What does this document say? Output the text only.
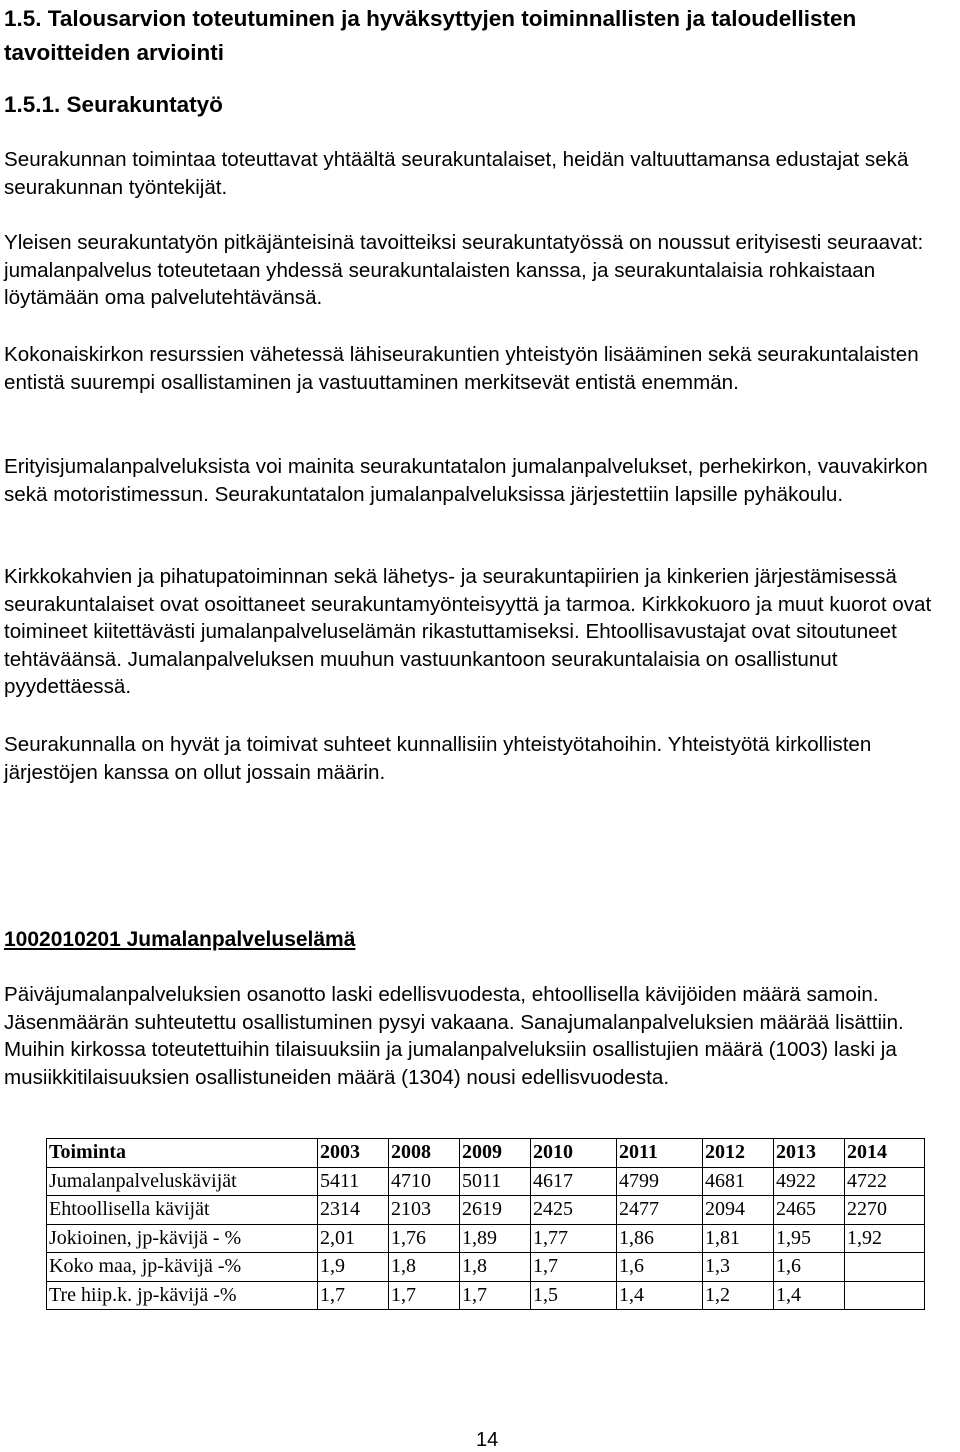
1.5. Talousarvion toteutuminen ja hyväksyttyjen toiminnallisten ja taloudellisten tavoitteiden arviointi
1.5.1. Seurakuntatyö

Seurakunnan toimintaa toteuttavat yhtäältä seurakuntalaiset, heidän valtuuttamansa edustajat sekä seurakunnan työntekijät.

Yleisen seurakuntatyön pitkäjänteisinä tavoitteiksi seurakuntatyössä on noussut erityisesti seuraavat: jumalanpalvelus toteutetaan yhdessä seurakuntalaisten kanssa, ja seurakuntalaisia rohkaistaan löytämään oma palvelutehtävänsä.

Kokonaiskirkon resurssien vähetessä lähiseurakuntien yhteistyön lisääminen sekä seurakuntalaisten entistä suurempi osallistaminen ja vastuuttaminen merkitsevät entistä enemmän.

Erityisjumalanpalveluksista voi mainita seurakuntatalon jumalanpalvelukset, perhekirkon, vauvakirkon sekä motoristimessun. Seurakuntatalon jumalanpalveluksissa järjestettiin lapsille pyhäkoulu.

Kirkkokahvien ja pihatupatoiminnan sekä lähetys- ja seurakuntapiirien ja kinkerien järjestämisessä seurakuntalaiset ovat osoittaneet seurakuntamyönteisyyttä ja tarmoa. Kirkkokuoro ja muut kuorot ovat toimineet kiitettävästi jumalanpalveluselämän rikastuttamiseksi. Ehtoollisavustajat ovat sitoutuneet tehtäväänsä. Jumalanpalveluksen muuhun vastuunkantoon seurakuntalaisia on osallistunut pyydettäessä.

Seurakunnalla on hyvät ja toimivat suhteet kunnallisiin yhteistyötahoihin. Yhteistyötä kirkollisten järjestöjen kanssa on ollut jossain määrin.

1002010201 Jumalanpalveluselämä

Päiväjumalanpalveluksien osanotto laski edellisvuodesta, ehtoollisella kävijöiden määrä samoin. Jäsenmäärän suhteutettu osallistuminen pysyi vakaana. Sanajumalanpalveluksien määrää lisättiin. Muihin kirkossa toteutettuihin tilaisuuksiin ja jumalanpalveluksiin osallistujien määrä (1003) laski ja musiikkitilaisuuksien osallistuneiden määrä (1304) nousi edellisvuodesta.

Toiminta	2003	2008	2009	2010	2011	2012	2013	2014
Jumalanpalveluskävijät	5411	4710	5011	4617	4799	4681	4922	4722
Ehtoollisella kävijät	2314	2103	2619	2425	2477	2094	2465	2270
Jokioinen, jp-kävijä - %	2,01	1,76	1,89	1,77	1,86	1,81	1,95	1,92
Koko maa, jp-kävijä -%	1,9	1,8	1,8	1,7	1,6	1,3	1,6	
Tre hiip.k. jp-kävijä -%	1,7	1,7	1,7	1,5	1,4	1,2	1,4	
14
